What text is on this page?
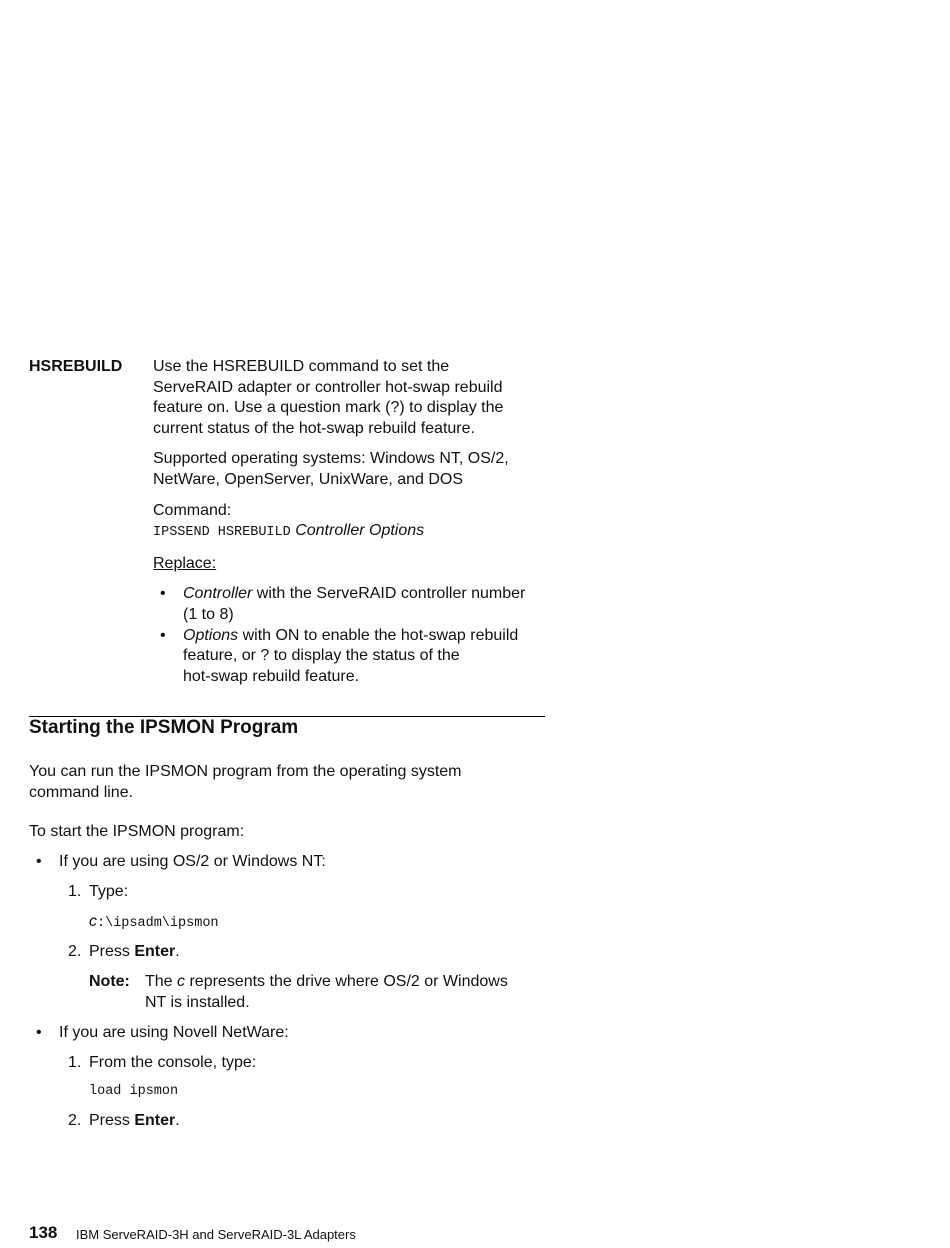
HSREBUILD Use the HSREBUILD command to set the
ServeRAID adapter or controller hot-swap rebuild
feature on. Use a question mark (?) to display the
current status of the hot-swap rebuild feature.

Supported operating systems: Windows NT, OS/2,
NetWare, OpenServer, UnixWare, and DOS

Command:
IPSSEND HSREBUILD Controller Options

Replace:

• Controller with the ServeRAID controller number
(1 to 8)
• Options with ON to enable the hot-swap rebuild
feature, or ? to display the status of the
hot-swap rebuild feature.
Starting the IPSMON Program
You can run the IPSMON program from the operating system
command line.
To start the IPSMON program:
• If you are using OS/2 or Windows NT:
1. Type:
c:\ipsadm\ipsmon
2. Press Enter.
Note: The c represents the drive where OS/2 or Windows
NT is installed.
• If you are using Novell NetWare:
1. From the console, type:
load ipsmon
2. Press Enter.
138 IBM ServeRAID-3H and ServeRAID-3L Adapters
